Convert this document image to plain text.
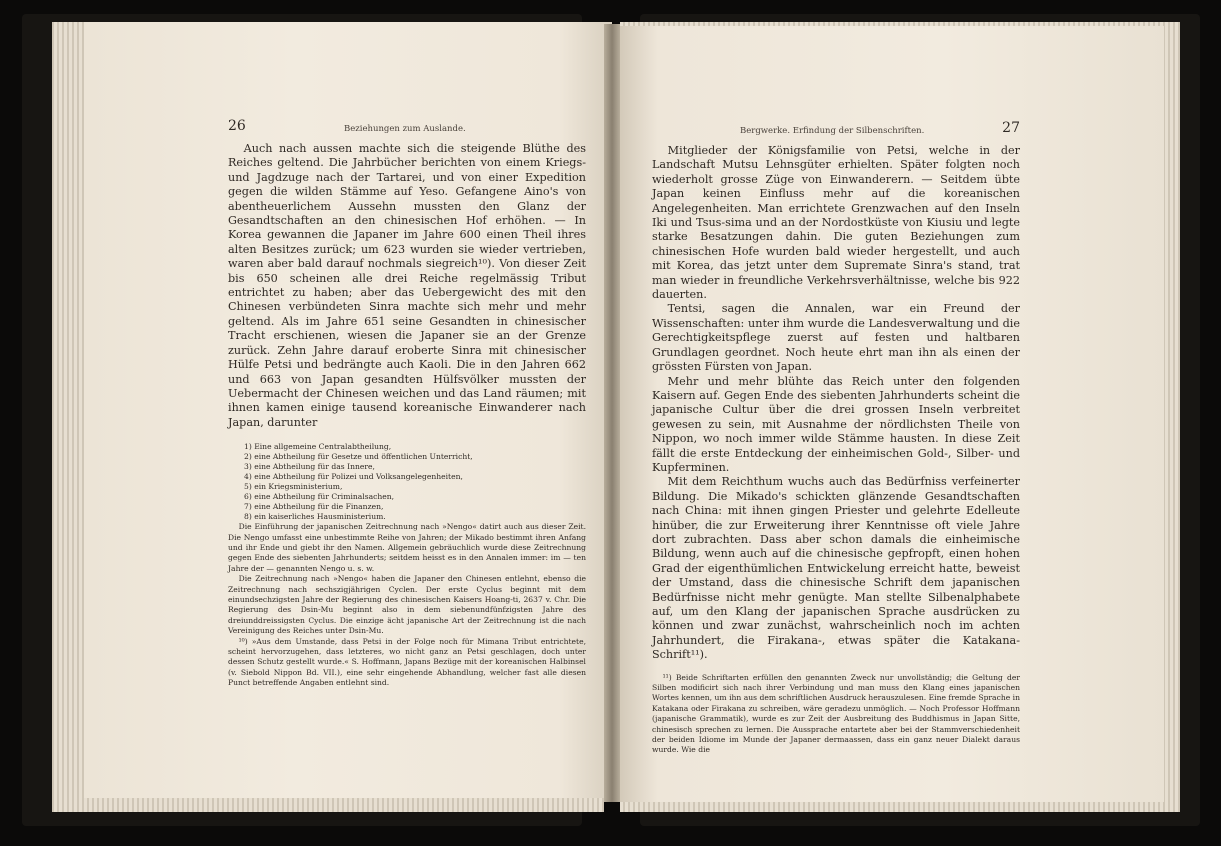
26	Beziehungen zum Auslande.

Auch nach aussen machte sich die steigende Blüthe des Reiches geltend. Die Jahrbücher berichten von einem Kriegs- und Jagdzuge nach der Tartarei, und von einer Expedition gegen die wilden Stämme auf Yeso. Gefangene Aino's von abentheuerlichem Aussehn mussten den Glanz der Gesandtschaften an den chinesischen Hof erhöhen. — In Korea gewannen die Japaner im Jahre 600 einen Theil ihres alten Besitzes zurück; um 623 wurden sie wieder vertrieben, waren aber bald darauf nochmals siegreich¹⁰). Von dieser Zeit bis 650 scheinen alle drei Reiche regelmässig Tribut entrichtet zu haben; aber das Uebergewicht des mit den Chinesen verbündeten Sinra machte sich mehr und mehr geltend. Als im Jahre 651 seine Gesandten in chinesischer Tracht erschienen, wiesen die Japaner sie an der Grenze zurück. Zehn Jahre darauf eroberte Sinra mit chinesischer Hülfe Petsi und bedrängte auch Kaoli. Die in den Jahren 662 und 663 von Japan gesandten Hülfsvölker mussten der Uebermacht der Chinesen weichen und das Land räumen; mit ihnen kamen einige tausend koreanische Einwanderer nach Japan, darunter

1) Eine allgemeine Centralabtheilung,
2) eine Abtheilung für Gesetze und öffentlichen Unterricht,
3) eine Abtheilung für das Innere,
4) eine Abtheilung für Polizei und Volksangelegenheiten,
5) ein Kriegsministerium,
6) eine Abtheilung für Criminalsachen,
7) eine Abtheilung für die Finanzen,
8) ein kaiserliches Hausministerium.

Die Einführung der japanischen Zeitrechnung nach »Nengo« datirt auch aus dieser Zeit. Die Nengo umfasst eine unbestimmte Reihe von Jahren; der Mikado bestimmt ihren Anfang und ihr Ende und giebt ihr den Namen. Allgemein gebräuchlich wurde diese Zeitrechnung gegen Ende des siebenten Jahrhunderts; seitdem heisst es in den Annalen immer: im — ten Jahre der — genannten Nengo u. s. w.

Die Zeitrechnung nach »Nengo« haben die Japaner den Chinesen entlehnt, ebenso die Zeitrechnung nach sechszigjährigen Cyclen. Der erste Cyclus beginnt mit dem einundsechzigsten Jahre der Regierung des chinesischen Kaisers Hoang-ti, 2637 v. Chr. Die Regierung des Dsin-Mu beginnt also in dem siebenundfünfzigsten Jahre des dreiunddreissigsten Cyclus. Die einzige ächt japanische Art der Zeitrechnung ist die nach Vereinigung des Reiches unter Dsin-Mu.

¹⁰) »Aus dem Umstande, dass Petsi in der Folge noch für Mimana Tribut entrichtete, scheint hervorzugehen, dass letzteres, wo nicht ganz an Petsi geschlagen, doch unter dessen Schutz gestellt wurde.« S. Hoffmann, Japans Bezüge mit der koreanischen Halbinsel (v. Siebold Nippon Bd. VII.), eine sehr eingehende Abhandlung, welcher fast alle diesen Punct betreffende Angaben entlehnt sind.

Bergwerke. Erfindung der Silbenschriften.	27

Mitglieder der Königsfamilie von Petsi, welche in der Landschaft Mutsu Lehnsgüter erhielten. Später folgten noch wiederholt grosse Züge von Einwanderern. — Seitdem übte Japan keinen Einfluss mehr auf die koreanischen Angelegenheiten. Man errichtete Grenzwachen auf den Inseln Iki und Tsus-sima und an der Nordostküste von Kiusiu und legte starke Besatzungen dahin. Die guten Beziehungen zum chinesischen Hofe wurden bald wieder hergestellt, und auch mit Korea, das jetzt unter dem Supremate Sinra's stand, trat man wieder in freundliche Verkehrsverhältnisse, welche bis 922 dauerten.

Tentsi, sagen die Annalen, war ein Freund der Wissenschaften: unter ihm wurde die Landesverwaltung und die Gerechtigkeitspflege zuerst auf festen und haltbaren Grundlagen geordnet. Noch heute ehrt man ihn als einen der grössten Fürsten von Japan.

Mehr und mehr blühte das Reich unter den folgenden Kaisern auf. Gegen Ende des siebenten Jahrhunderts scheint die japanische Cultur über die drei grossen Inseln verbreitet gewesen zu sein, mit Ausnahme der nördlichsten Theile von Nippon, wo noch immer wilde Stämme hausten. In diese Zeit fällt die erste Entdeckung der einheimischen Gold-, Silber- und Kupferminen.

Mit dem Reichthum wuchs auch das Bedürfniss verfeinerter Bildung. Die Mikado's schickten glänzende Gesandtschaften nach China: mit ihnen gingen Priester und gelehrte Edelleute hinüber, die zur Erweiterung ihrer Kenntnisse oft viele Jahre dort zubrachten. Dass aber schon damals die einheimische Bildung, wenn auch auf die chinesische gepfropft, einen hohen Grad der eigenthümlichen Entwickelung erreicht hatte, beweist der Umstand, dass die chinesische Schrift dem japanischen Bedürfnisse nicht mehr genügte. Man stellte Silbenalphabete auf, um den Klang der japanischen Sprache ausdrücken zu können und zwar zunächst, wahrscheinlich noch im achten Jahrhundert, die Firakana-, etwas später die Katakana-Schrift¹¹).

¹¹) Beide Schriftarten erfüllen den genannten Zweck nur unvollständig; die Geltung der Silben modificirt sich nach ihrer Verbindung und man muss den Klang eines japanischen Wortes kennen, um ihn aus dem schriftlichen Ausdruck herauszulesen. Eine fremde Sprache in Katakana oder Firakana zu schreiben, wäre geradezu unmöglich. — Noch Professor Hoffmann (japanische Grammatik), wurde es zur Zeit der Ausbreitung des Buddhismus in Japan Sitte, chinesisch sprechen zu lernen. Die Aussprache entartete aber bei der Stammverschiedenheit der beiden Idiome im Munde der Japaner dermaassen, dass ein ganz neuer Dialekt daraus wurde. Wie die
